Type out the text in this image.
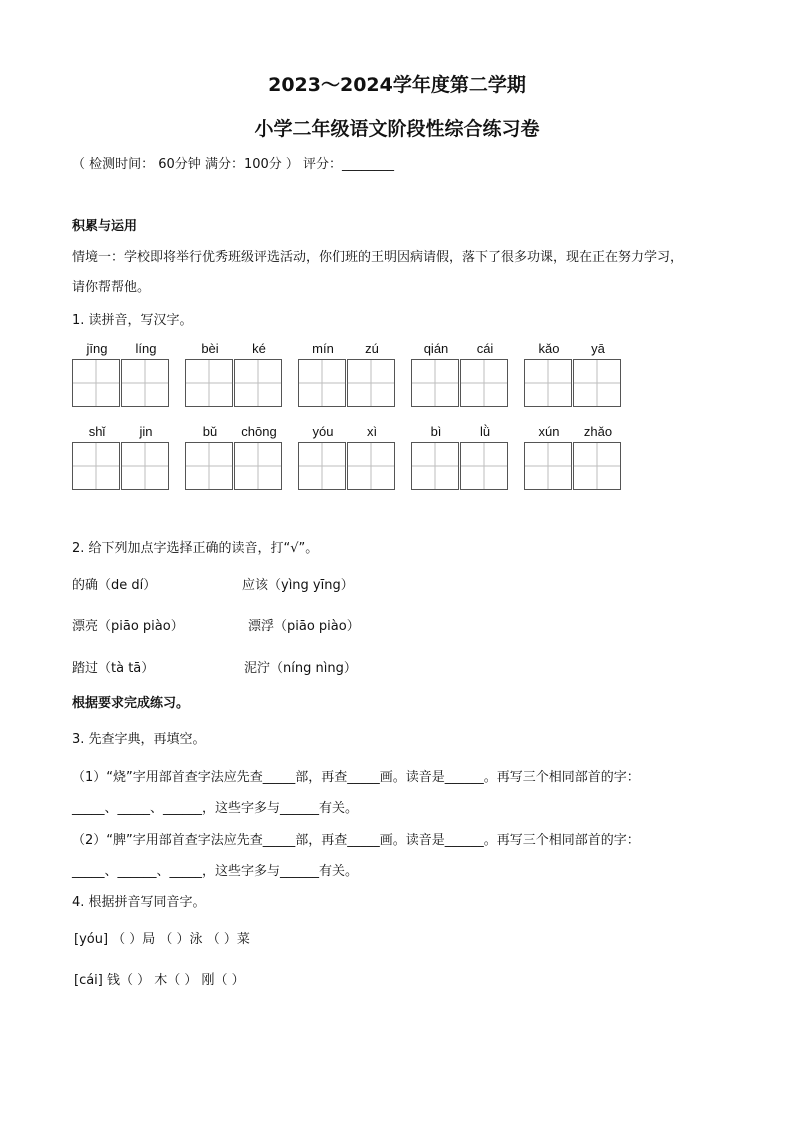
2023～2024学年度第二学期
小学二年级语文阶段性综合练习卷
（ 检测时间： 60分钟 满分：100分 ） 评分：________
积累与运用
情境一：学校即将举行优秀班级评选活动，你们班的王明因病请假，落下了很多功课，现在正在努力学习，
请你帮帮他。
1. 读拼音，写汉字。
jīng	líng	bèi	ké	mín	zú	qián	cái	kǎo	yā
shǐ	jin	bǔ	chōng	yóu	xì	bì	lǜ	xún	zhǎo
2. 给下列加点字选择正确的读音，打“√”。
的确（de dí）	应该（yìng yīng）
漂亮（piāo piào）	漂浮（piāo piào）
踏过（tà tā）	泥泞（níng nìng）
根据要求完成练习。
3. 先查字典，再填空。
（1）“烧”字用部首查字法应先查_____部，再查_____画。读音是______。再写三个相同部首的字：
_____、_____、______，这些字多与______有关。
（2）“脾”字用部首查字法应先查_____部，再查_____画。读音是______。再写三个相同部首的字：
_____、______、_____，这些字多与______有关。
4. 根据拼音写同音字。
[yóu] （ ）局 （ ）泳 （ ）菜
[cái] 钱（ ） 木（ ） 刚（ ）
